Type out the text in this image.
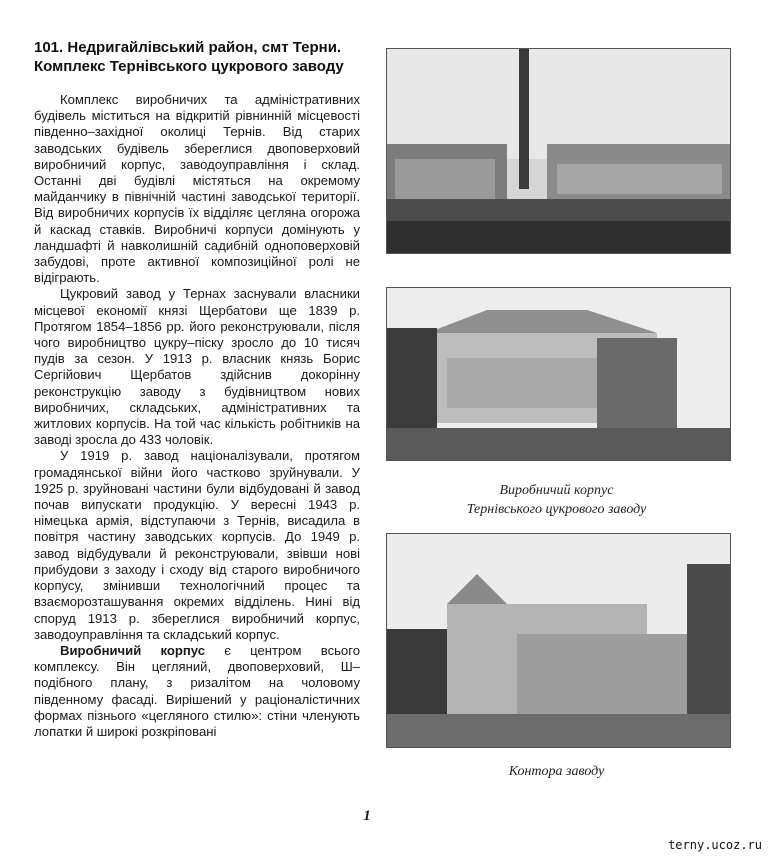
101. Недригайлівський район, смт Терни.
Комплекс Тернівського цукрового заводу

Комплекс виробничих та адміністративних будівель міститься на відкритій рівнинній місцевості південно–західної околиці Тернів. Від старих заводських будівель збереглися двоповерховий виробничий корпус, заводоуправління і склад. Останні дві будівлі містяться на окремому майданчику в північній частині заводської території. Від виробничих корпусів їх відділяє цегляна огорожа й каскад ставків. Виробничі корпуси домінують у ландшафті й навколишній садибній одноповерховій забудові, проте активної композиційної ролі не відіграють.

Цукровий завод у Тернах заснували власники місцевої економії князі Щербатови ще 1839 р. Протягом 1854–1856 рр. його реконструювали, після чого виробництво цукру–піску зросло до 10 тисяч пудів за сезон. У 1913 р. власник князь Борис Сергійович Щербатов здійснив докорінну реконструкцію заводу з будівництвом нових виробничих, складських, адміністративних та житлових корпусів. На той час кількість робітників на заводі зросла до 433 чоловік.

У 1919 р. завод націоналізували, протягом громадянської війни його частково зруйнували. У 1925 р. зруйновані частини були відбудовані й завод почав випускати продукцію. У вересні 1943 р. німецька армія, відступаючи з Тернів, висадила в повітря частину заводських корпусів. До 1949 р. завод відбудували й реконструювали, звівши нові прибудови з заходу і сходу від старого виробничого корпусу, змінивши технологічний процес та взаєморозташування окремих відділень. Нині від споруд 1913 р. збереглися виробничий корпус, заводоуправління та складський корпус.

Виробничий корпус є центром всього комплексу. Він цегляний, двоповерховий, Ш–подібного плану, з ризалітом на чоловому південному фасаді. Вирішений у раціоналістичних формах пізнього «цегляного стилю»: стіни членують лопатки й широкі розкріповані

Виробничий корпус
Тернівського цукрового заводу
Контора заводу
1
terny.ucoz.ru
